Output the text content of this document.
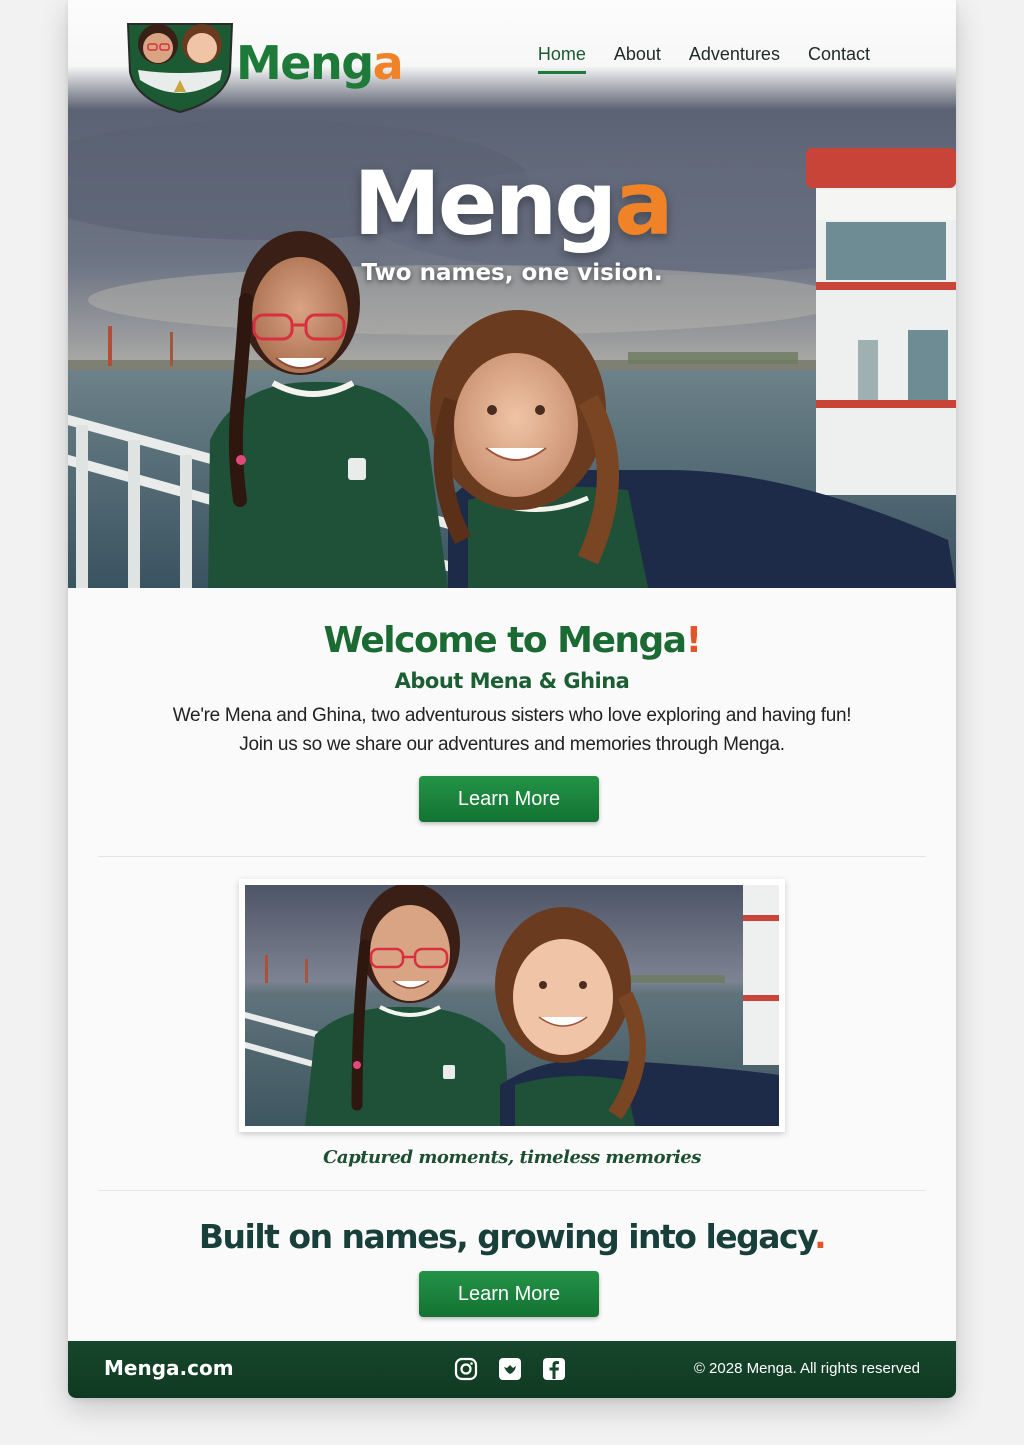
Menga
Two names, one vision.
Menga	Home About Adventures Contact
Welcome to Menga!
About Mena & Ghina

We're Mena and Ghina, two adventurous sisters who love exploring and having fun!
Join us so we share our adventures and memories through Menga.

Learn More
Captured moments, timeless memories
Built on names, growing into legacy.
Learn More
Menga.com	© 2028 Menga. All rights reserved
